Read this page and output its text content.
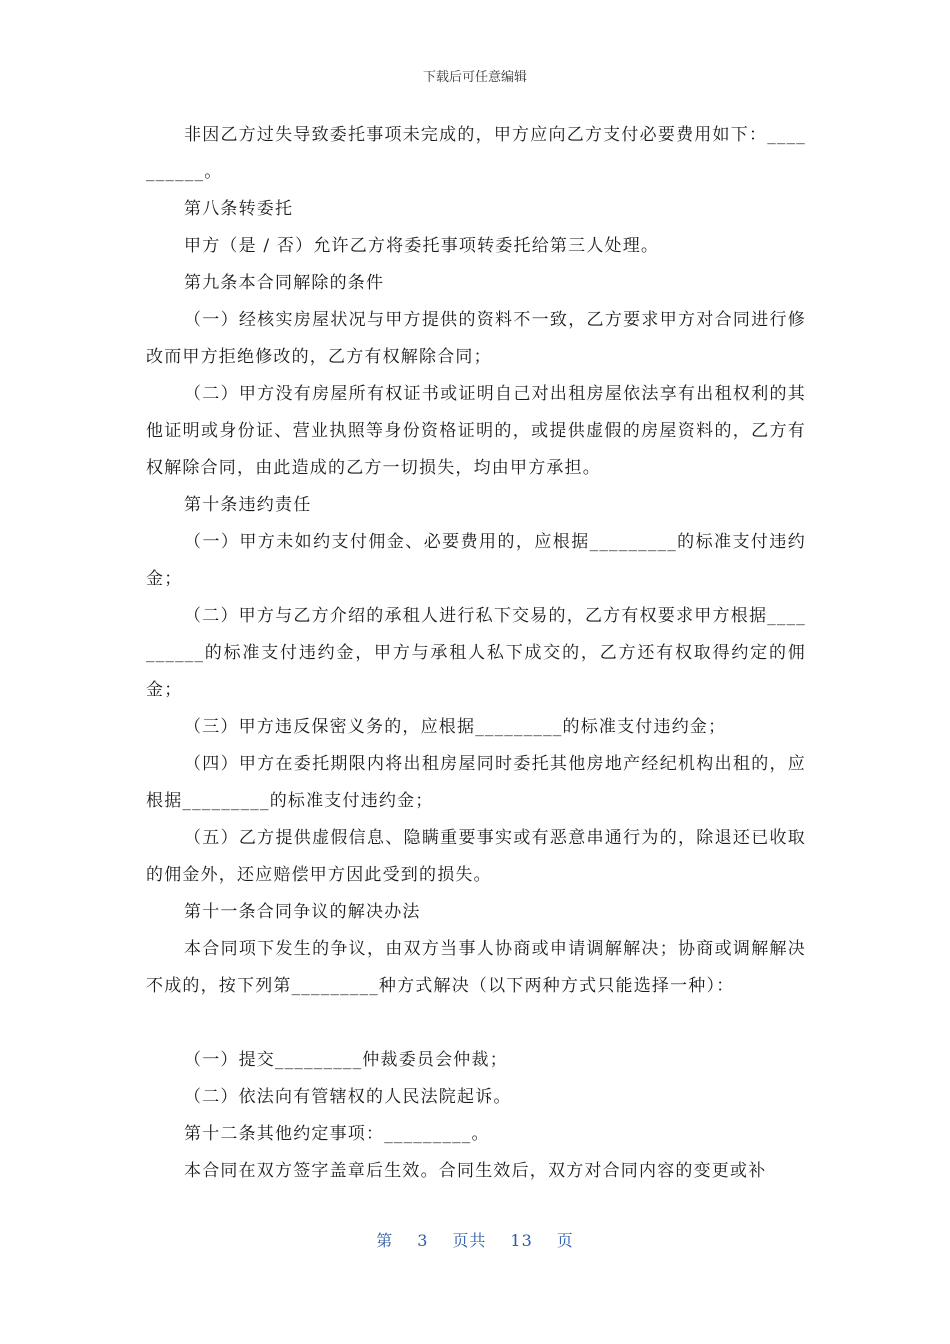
下载后可任意编辑

非因乙方过失导致委托事项未完成的，甲方应向乙方支付必要费用如下：__________。

第八条转委托

甲方（是 / 否）允许乙方将委托事项转委托给第三人处理。

第九条本合同解除的条件

（一）经核实房屋状况与甲方提供的资料不一致，乙方要求甲方对合同进行修改而甲方拒绝修改的，乙方有权解除合同；

（二）甲方没有房屋所有权证书或证明自己对出租房屋依法享有出租权利的其他证明或身份证、营业执照等身份资格证明的，或提供虚假的房屋资料的，乙方有权解除合同，由此造成的乙方一切损失，均由甲方承担。

第十条违约责任

（一）甲方未如约支付佣金、必要费用的，应根据_________的标准支付违约金；

（二）甲方与乙方介绍的承租人进行私下交易的，乙方有权要求甲方根据__________的标准支付违约金，甲方与承租人私下成交的，乙方还有权取得约定的佣金；

（三）甲方违反保密义务的，应根据_________的标准支付违约金；

（四）甲方在委托期限内将出租房屋同时委托其他房地产经纪机构出租的，应根据_________的标准支付违约金；

（五）乙方提供虚假信息、隐瞒重要事实或有恶意串通行为的，除退还已收取的佣金外，还应赔偿甲方因此受到的损失。

第十一条合同争议的解决办法

本合同项下发生的争议，由双方当事人协商或申请调解解决；协商或调解解决不成的，按下列第_________种方式解决（以下两种方式只能选择一种）：

（一）提交_________仲裁委员会仲裁；

（二）依法向有管辖权的人民法院起诉。

第十二条其他约定事项：_________。

本合同在双方签字盖章后生效。合同生效后，双方对合同内容的变更或补

第 3 页共 13 页
